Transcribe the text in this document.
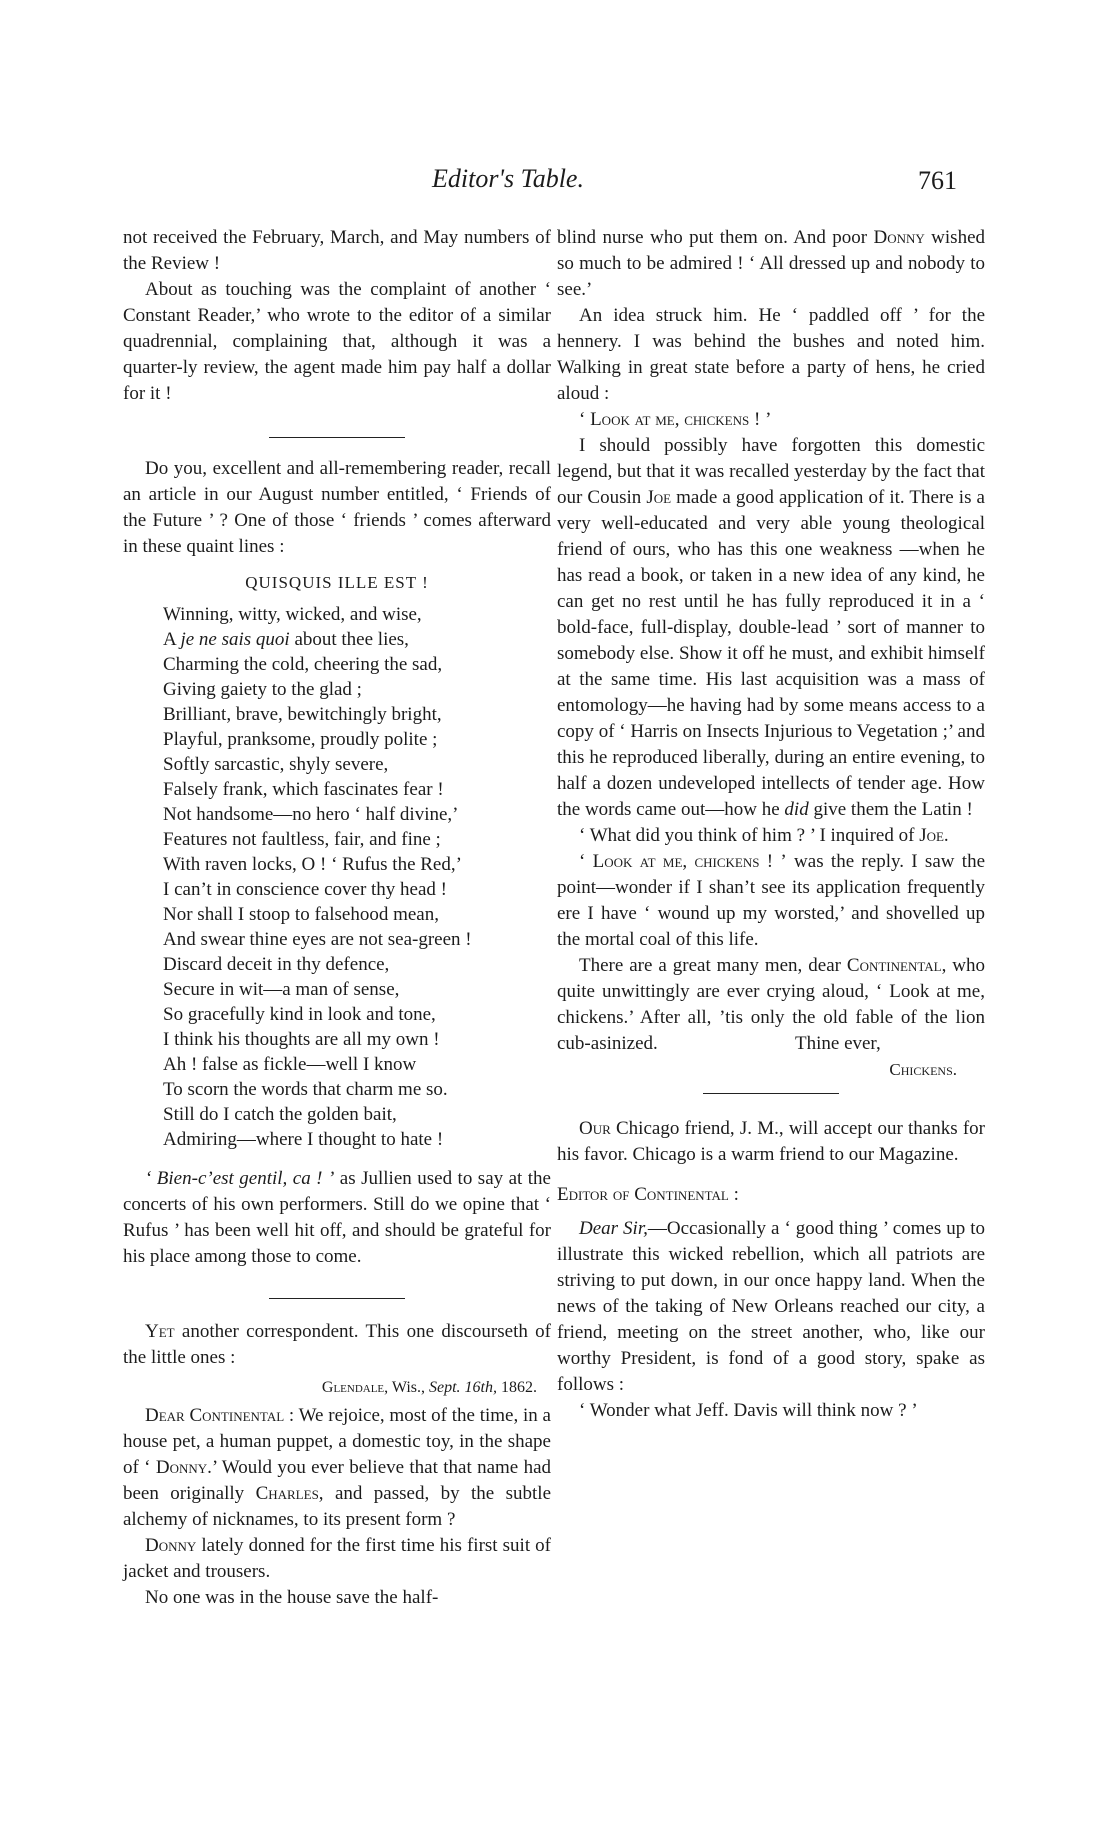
Editor's Table.	761

not received the February, March, and May numbers of the Review !

About as touching was the complaint of another ‘ Constant Reader,’ who wrote to the editor of a similar quadrennial, complaining that, although it was a quarter-ly review, the agent made him pay half a dollar for it !

Do you, excellent and all-remembering reader, recall an article in our August number entitled, ‘ Friends of the Future ’ ? One of those ‘ friends ’ comes afterward in these quaint lines :

QUISQUIS ILLE EST !
Winning, witty, wicked, and wise,
A je ne sais quoi about thee lies,
Charming the cold, cheering the sad,
Giving gaiety to the glad ;
Brilliant, brave, bewitchingly bright,
Playful, pranksome, proudly polite ;
Softly sarcastic, shyly severe,
Falsely frank, which fascinates fear !
Not handsome—no hero ‘ half divine,’
Features not faultless, fair, and fine ;
With raven locks, O ! ‘ Rufus the Red,’
I can’t in conscience cover thy head !
Nor shall I stoop to falsehood mean,
And swear thine eyes are not sea-green !
Discard deceit in thy defence,
Secure in wit—a man of sense,
So gracefully kind in look and tone,
I think his thoughts are all my own !
Ah ! false as fickle—well I know
To scorn the words that charm me so.
Still do I catch the golden bait,
Admiring—where I thought to hate !

‘ Bien-c’est gentil, ca ! ’ as Jullien used to say at the concerts of his own performers. Still do we opine that ‘ Rufus ’ has been well hit off, and should be grateful for his place among those to come.

Yet another correspondent. This one discourseth of the little ones :

Glendale, Wis., Sept. 16th, 1862.

Dear Continental : We rejoice, most of the time, in a house pet, a human puppet, a domestic toy, in the shape of ‘ Donny.’ Would you ever believe that that name had been originally Charles, and passed, by the subtle alchemy of nicknames, to its present form ?

Donny lately donned for the first time his first suit of jacket and trousers.

No one was in the house save the half-

blind nurse who put them on. And poor Donny wished so much to be admired ! ‘ All dressed up and nobody to see.’

An idea struck him. He ‘ paddled off ’ for the hennery. I was behind the bushes and noted him. Walking in great state before a party of hens, he cried aloud :

‘ Look at me, chickens ! ’

I should possibly have forgotten this domestic legend, but that it was recalled yesterday by the fact that our Cousin Joe made a good application of it. There is a very well-educated and very able young theological friend of ours, who has this one weakness —when he has read a book, or taken in a new idea of any kind, he can get no rest until he has fully reproduced it in a ‘ bold-face, full-display, double-lead ’ sort of manner to somebody else. Show it off he must, and exhibit himself at the same time. His last acquisition was a mass of entomology—he having had by some means access to a copy of ‘ Harris on Insects Injurious to Vegetation ;’ and this he reproduced liberally, during an entire evening, to half a dozen undeveloped intellects of tender age. How the words came out—how he did give them the Latin !

‘ What did you think of him ? ’ I inquired of Joe.

‘ Look at me, chickens ! ’ was the reply. I saw the point—wonder if I shan’t see its application frequently ere I have ‘ wound up my worsted,’ and shovelled up the mortal coal of this life.

There are a great many men, dear Continental, who quite unwittingly are ever crying aloud, ‘ Look at me, chickens.’ After all, ’tis only the old fable of the lion cub-asinized.	Thine ever,
Chickens.

Our Chicago friend, J. M., will accept our thanks for his favor. Chicago is a warm friend to our Magazine.

Editor of Continental :

Dear Sir,—Occasionally a ‘ good thing ’ comes up to illustrate this wicked rebellion, which all patriots are striving to put down, in our once happy land. When the news of the taking of New Orleans reached our city, a friend, meeting on the street another, who, like our worthy President, is fond of a good story, spake as follows :

‘ Wonder what Jeff. Davis will think now ? ’
